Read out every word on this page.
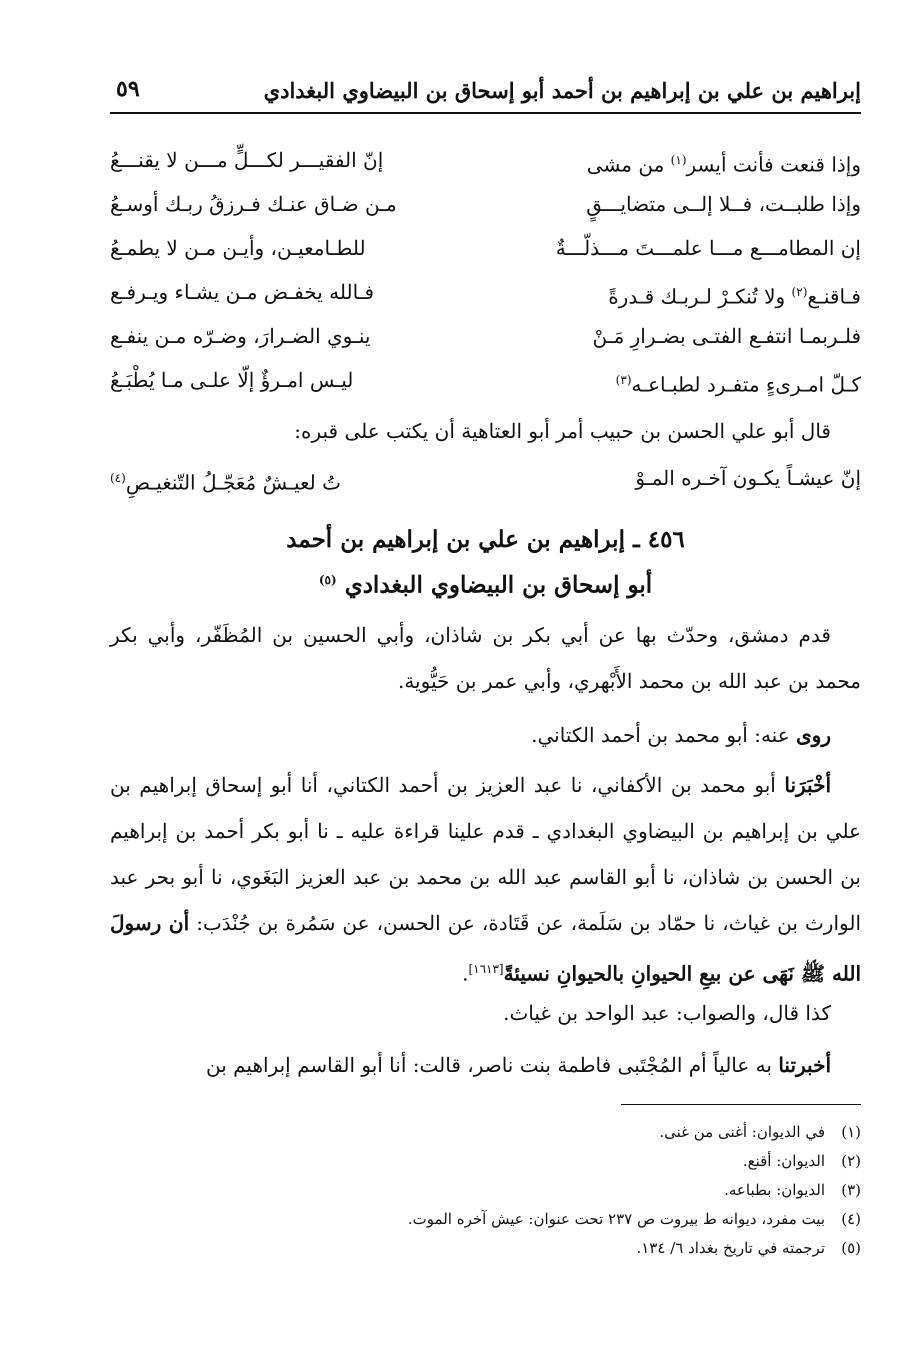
إبراهيم بن علي بن إبراهيم بن أحمد أبو إسحاق بن البيضاوي البغدادي
٥٩
وإذا قنعت فأنت أيسر$^{(١)}$ من مشى
إنّ الفقيـــر لكـــلٍّ مـــن لا يقنـــعُ
وإذا طلبــت، فــلا إلــى متضايـــقٍ
مـن ضـاق عنـك فـرزقُ ربـك أوسـعُ
إن المطامـــع مـــا علمـــتَ مـــذلّـــةٌ
للطـامعيـن، وأيـن مـن لا يطمـعُ
فـاقنـع$^{(٢)}$ ولا تُنكـرْ لـربـك قـدرةً
فـالله يخفـض مـن يشـاء ويـرفـع
فلـربمـا انتفـع الفتـى بضـرارِ مَـنْ
ينـوي الضـرارَ، وضـرّه مـن ينفـع
كـلّ امـرىءٍ متفـرد لطبـاعـه$^{(٣)}$
ليـس امـرؤٌ إلّا علـى مـا يُطْبَـعُ

قال أبو علي الحسن بن حبيب أمر أبو العتاهية أن يكتب على قبره:

إنّ عيشـاً يكـون آخـره المـوْ
تُ لعيـشٌ مُعَجّـلُ التّنغيـصِ$^{(٤)}$
٤٥٦ ـ إبراهيم بن علي بن إبراهيم بن أحمد
أبو إسحاق بن البيضاوي البغدادي $^{(٥)}$

قدم دمشق، وحدّث بها عن أبي بكر بن شاذان، وأبي الحسين بن المُظَفّر، وأبي بكر محمد بن عبد الله بن محمد الأَبْهري، وأبي عمر بن حَيُّوية.

روى عنه: أبو محمد بن أحمد الكتاني.

أخْبَرَنا أبو محمد بن الأكفاني، نا عبد العزيز بن أحمد الكتاني، أنا أبو إسحاق إبراهيم بن علي بن إبراهيم بن البيضاوي البغدادي ـ قدم علينا قراءة عليه ـ نا أبو بكر أحمد بن إبراهيم بن الحسن بن شاذان، نا أبو القاسم عبد الله بن محمد بن عبد العزيز البَغَوي، نا أبو بحر عبد الوارث بن غياث، نا حمّاد بن سَلَمة، عن قَتَادة، عن الحسن، عن سَمُرة بن جُنْدَب: أن رسولَ الله ﷺ نَهَى عن بيعِ الحيوانِ بالحيوانِ نسيئةً[١٦١٣].

كذا قال، والصواب: عبد الواحد بن غياث.

أخبرتنا به عالياً أم المُجْتَبى فاطمة بنت ناصر، قالت: أنا أبو القاسم إبراهيم بن

(١)في الديوان: أغنى من غنى.
(٢)الديوان: أقنع.
(٣)الديوان: بطباعه.
(٤)بيت مفرد، ديوانه ط بيروت ص ٢٣٧ تحت عنوان: عيش آخره الموت.
(٥)ترجمته في تاريخ بغداد ٦/ ١٣٤.
